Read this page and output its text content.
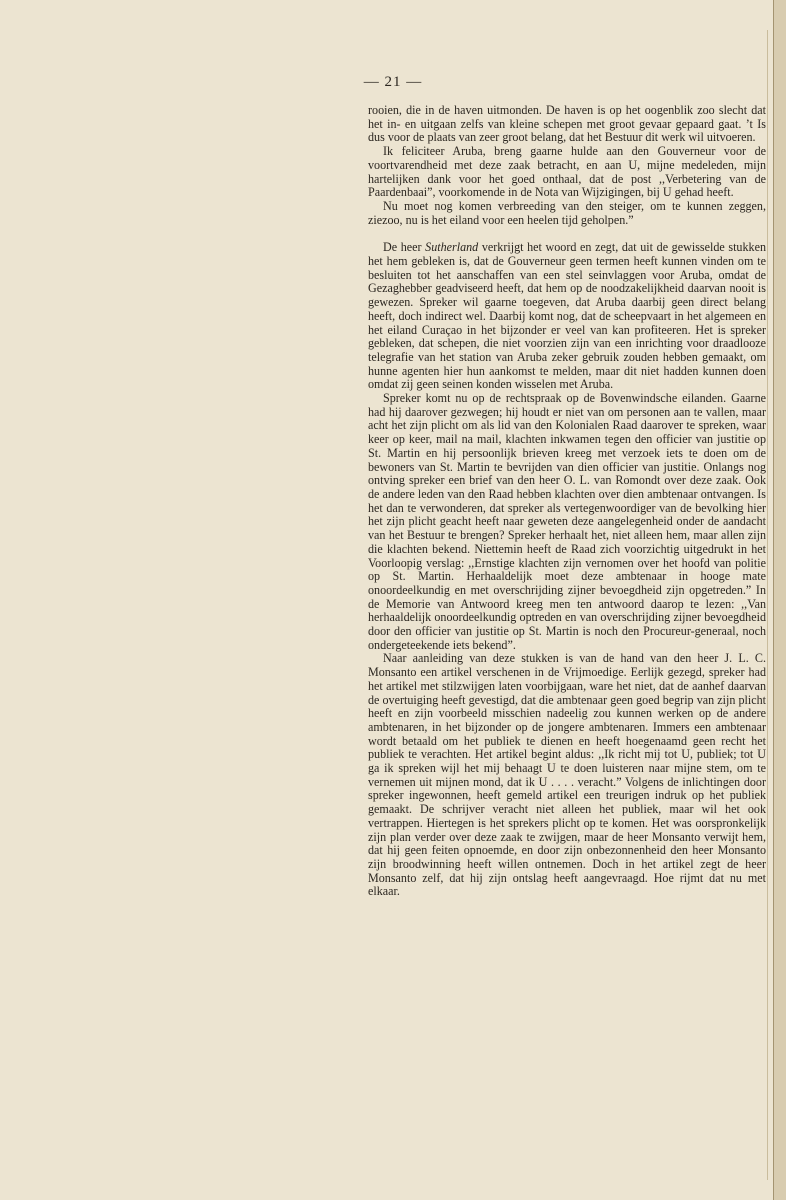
— 21 —

rooien, die in de haven uitmonden. De haven is op het oogenblik zoo slecht dat het in- en uitgaan zelfs van kleine schepen met groot gevaar gepaard gaat. ’t Is dus voor de plaats van zeer groot belang, dat het Bestuur dit werk wil uitvoeren.

Ik feliciteer Aruba, breng gaarne hulde aan den Gouverneur voor de voortvarendheid met deze zaak betracht, en aan U, mijne medeleden, mijn hartelijken dank voor het goed onthaal, dat de post ,,Verbetering van de Paardenbaai”, voorkomende in de Nota van Wijzigingen, bij U gehad heeft.

Nu moet nog komen verbreeding van den steiger, om te kunnen zeggen, ziezoo, nu is het eiland voor een heelen tijd geholpen.”

De heer Sutherland verkrijgt het woord en zegt, dat uit de gewisselde stukken het hem gebleken is, dat de Gouverneur geen termen heeft kunnen vinden om te besluiten tot het aanschaffen van een stel seinvlaggen voor Aruba, omdat de Gezaghebber geadviseerd heeft, dat hem op de noodzakelijkheid daarvan nooit is gewezen. Spreker wil gaarne toegeven, dat Aruba daarbij geen direct belang heeft, doch indirect wel. Daarbij komt nog, dat de scheepvaart in het algemeen en het eiland Curaçao in het bijzonder er veel van kan profiteeren. Het is spreker gebleken, dat schepen, die niet voorzien zijn van een inrichting voor draadlooze telegrafie van het station van Aruba zeker gebruik zouden hebben gemaakt, om hunne agenten hier hun aankomst te melden, maar dit niet hadden kunnen doen omdat zij geen seinen konden wisselen met Aruba.

Spreker komt nu op de rechtspraak op de Bovenwindsche eilanden. Gaarne had hij daarover gezwegen; hij houdt er niet van om personen aan te vallen, maar acht het zijn plicht om als lid van den Kolonialen Raad daarover te spreken, waar keer op keer, mail na mail, klachten inkwamen tegen den officier van justitie op St. Martin en hij persoonlijk brieven kreeg met verzoek iets te doen om de bewoners van St. Martin te bevrijden van dien officier van justitie. Onlangs nog ontving spreker een brief van den heer O. L. van Romondt over deze zaak. Ook de andere leden van den Raad hebben klachten over dien ambtenaar ontvangen. Is het dan te verwonderen, dat spreker als vertegenwoordiger van de bevolking hier het zijn plicht geacht heeft naar geweten deze aangelegenheid onder de aandacht van het Bestuur te brengen? Spreker herhaalt het, niet alleen hem, maar allen zijn die klachten bekend. Niettemin heeft de Raad zich voorzichtig uitgedrukt in het Voorloopig verslag: ,,Ernstige klachten zijn vernomen over het hoofd van politie op St. Martin. Herhaaldelijk moet deze ambtenaar in hooge mate onoordeelkundig en met overschrijding zijner bevoegdheid zijn opgetreden.” In de Memorie van Antwoord kreeg men ten antwoord daarop te lezen: ,,Van herhaaldelijk onoordeelkundig optreden en van overschrijding zijner bevoegdheid door den officier van justitie op St. Martin is noch den Procureur-generaal, noch ondergeteekende iets bekend”.

Naar aanleiding van deze stukken is van de hand van den heer J. L. C. Monsanto een artikel verschenen in de Vrijmoedige. Eerlijk gezegd, spreker had het artikel met stilzwijgen laten voorbijgaan, ware het niet, dat de aanhef daarvan de overtuiging heeft gevestigd, dat die ambtenaar geen goed begrip van zijn plicht heeft en zijn voorbeeld misschien nadeelig zou kunnen werken op de andere ambtenaren, in het bijzonder op de jongere ambtenaren. Immers een ambtenaar wordt betaald om het publiek te dienen en heeft hoegenaamd geen recht het publiek te verachten. Het artikel begint aldus: ,,Ik richt mij tot U, publiek; tot U ga ik spreken wijl het mij behaagt U te doen luisteren naar mijne stem, om te vernemen uit mijnen mond, dat ik U . . . . veracht.” Volgens de inlichtingen door spreker ingewonnen, heeft gemeld artikel een treurigen indruk op het publiek gemaakt. De schrijver veracht niet alleen het publiek, maar wil het ook vertrappen. Hiertegen is het sprekers plicht op te komen. Het was oorspronkelijk zijn plan verder over deze zaak te zwijgen, maar de heer Monsanto verwijt hem, dat hij geen feiten opnoemde, en door zijn onbezonnenheid den heer Monsanto zijn broodwinning heeft willen ontnemen. Doch in het artikel zegt de heer Monsanto zelf, dat hij zijn ontslag heeft aangevraagd. Hoe rijmt dat nu met elkaar.
